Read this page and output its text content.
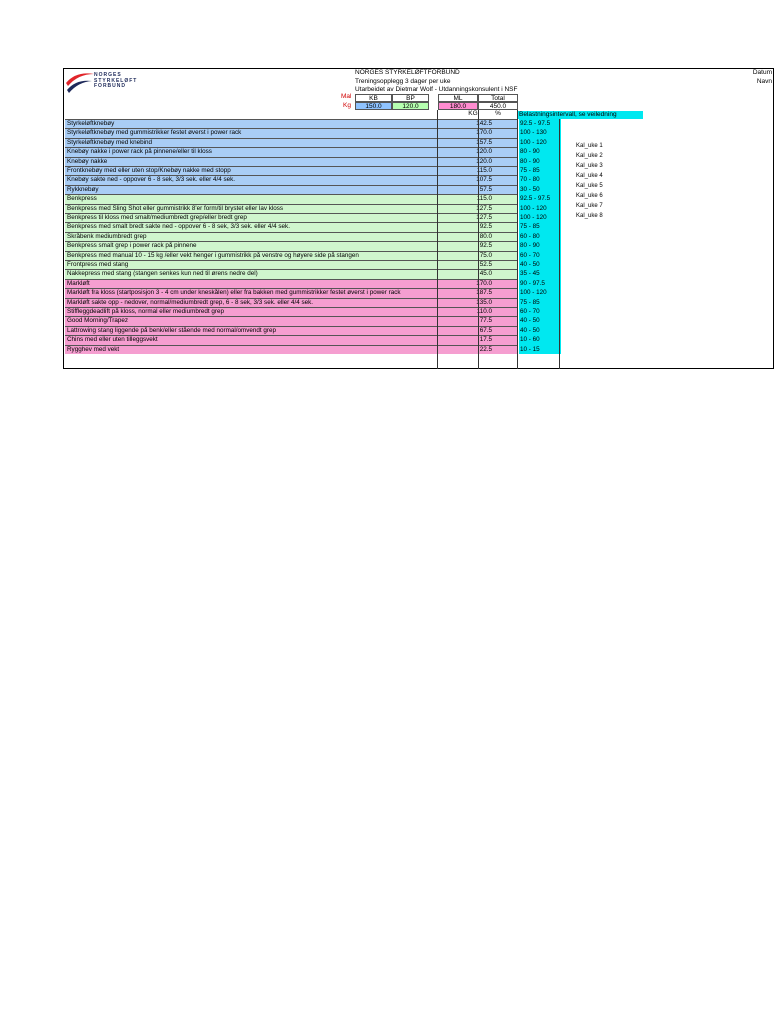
NORGES
STYRKELØFT
FORBUND
NORGES STYRKELØFTFORBUND
Treningsopplegg 3 dager per uke
Utarbeidet av Dietmar Wolf - Utdanningskonsulent i NSF
Datum
Navn
Mal
Kg
KB	BP	ML	Total
150.0	120.0	180.0	450.0
KG	%	Belastningsintervall, se veiledning
Styrkeløftknebøy	142.5	92.5 - 97.5
Styrkeløftknebøy med gummistrikker festet øverst i power rack	170.0	100 - 130
Styrkeløftknebøy med knebind	157.5	100 - 120
Knebøy nakke i power rack på pinnene/eller til kloss	120.0	80 - 90
Knebøy nakke	120.0	80 - 90
Frontknebøy med eller uten stop/Knebøy nakke med stopp	115.0	75 - 85
Knebøy sakte ned - oppover 6 - 8 sek, 3/3 sek. eller 4/4 sek.	107.5	70 - 80
Rykknebøy	57.5	30 - 50
Benkpress	115.0	92.5 - 97.5
Benkpress med Sling Shot eller gummistrikk 8'er form/til brystet eller lav kloss	127.5	100 - 120
Benkpress til kloss med smalt/mediumbredt grep/eller bredt grep	127.5	100 - 120
Benkpress med smalt bredt sakte ned - oppover 6 - 8 sek, 3/3 sek. eller 4/4 sek.	92.5	75 - 85
Skråbenk mediumbredt grep	80.0	60 - 80
Benkpress smalt grep i power rack på pinnene	92.5	80 - 90
Benkpress med manual 10 - 15 kg /eller vekt henger i gummistrikk på venstre og høyere side på stangen	75.0	60 - 70
Frontpress med stang	52.5	40 - 50
Nakkepress med stang (stangen senkes kun ned til ørens nedre del)	45.0	35 - 45
Markløft	170.0	90 - 97.5
Markløft fra kloss (startposisjon 3 - 4 cm under kneskålen) eller fra bakken med gummistrikker festet øverst i power rack	187.5	100 - 120
Markløft sakte opp - nedover, normal/mediumbredt grep, 6 - 8 sek, 3/3 sek. eller 4/4 sek.	135.0	75 - 85
Stiffleggdeadlift på kloss, normal eller mediumbredt grep	110.0	60 - 70
Good Morning/Trapez	77.5	40 - 50
Lattrowing stang liggende på benk/eller stående med normal/omvendt grep	67.5	40 - 50
Chins med eller uten tilleggsvekt	17.5	10 - 60
Rygghev med vekt	22.5	10 - 15
Kal_uke 1
Kal_uke 2
Kal_uke 3
Kal_uke 4
Kal_uke 5
Kal_uke 6
Kal_uke 7
Kal_uke 8
